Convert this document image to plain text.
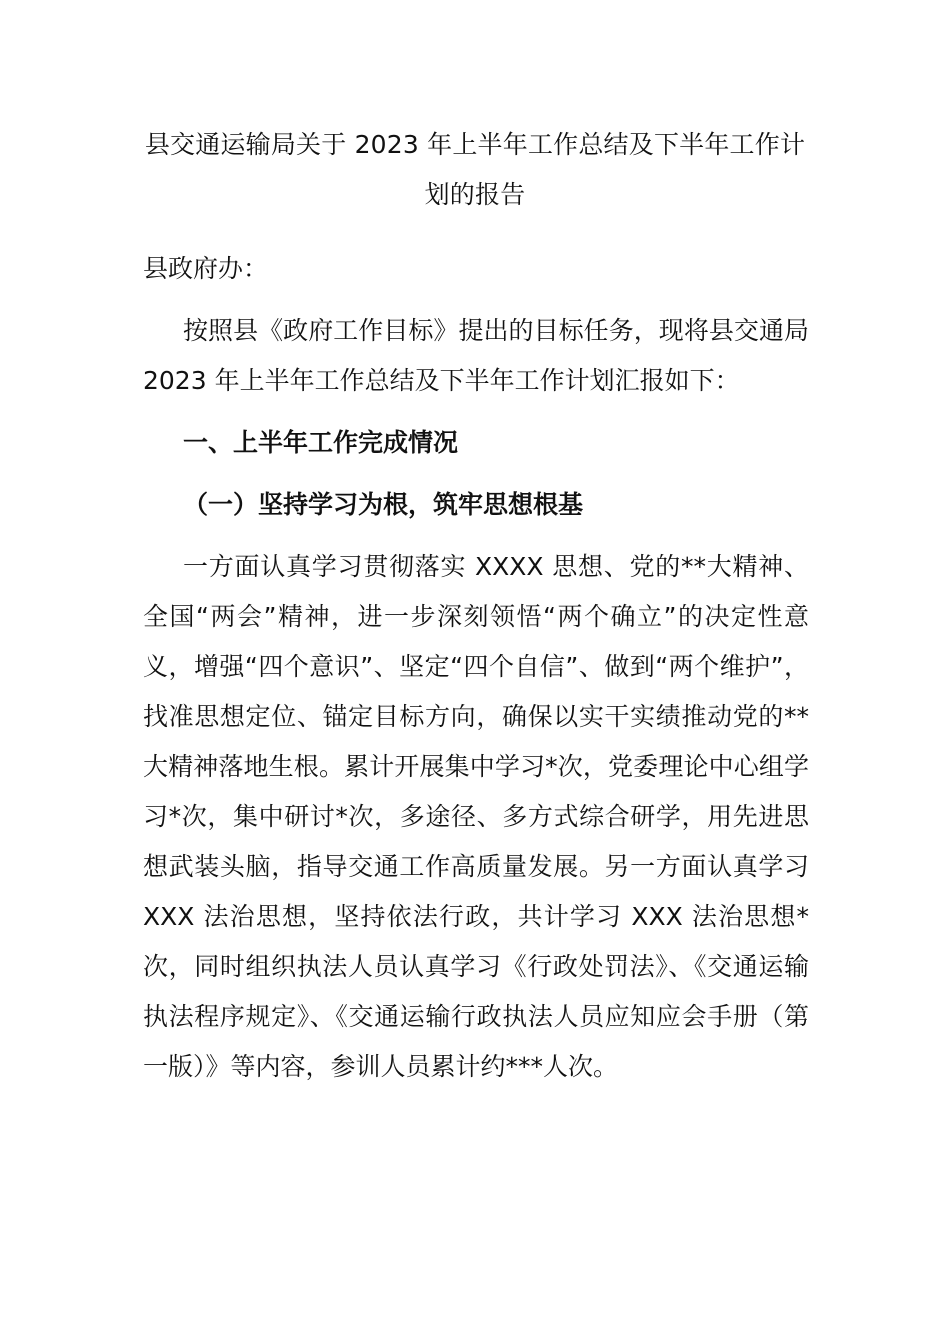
县交通运输局关于 2023 年上半年工作总结及下半年工作计划的报告
县政府办：

按照县《政府工作目标》提出的目标任务，现将县交通局 2023 年上半年工作总结及下半年工作计划汇报如下：

一、上半年工作完成情况
（一）坚持学习为根，筑牢思想根基

一方面认真学习贯彻落实 XXXX 思想、党的**大精神、全国“两会”精神，进一步深刻领悟“两个确立”的决定性意义，增强“四个意识”、坚定“四个自信”、做到“两个维护”，找准思想定位、锚定目标方向，确保以实干实绩推动党的**大精神落地生根。累计开展集中学习*次，党委理论中心组学习*次，集中研讨*次，多途径、多方式综合研学，用先进思想武装头脑，指导交通工作高质量发展。另一方面认真学习 XXX 法治思想，坚持依法行政，共计学习 XXX 法治思想*次，同时组织执法人员认真学习《行政处罚法》、《交通运输执法程序规定》、《交通运输行政执法人员应知应会手册（第一版）》等内容，参训人员累计约***人次。
